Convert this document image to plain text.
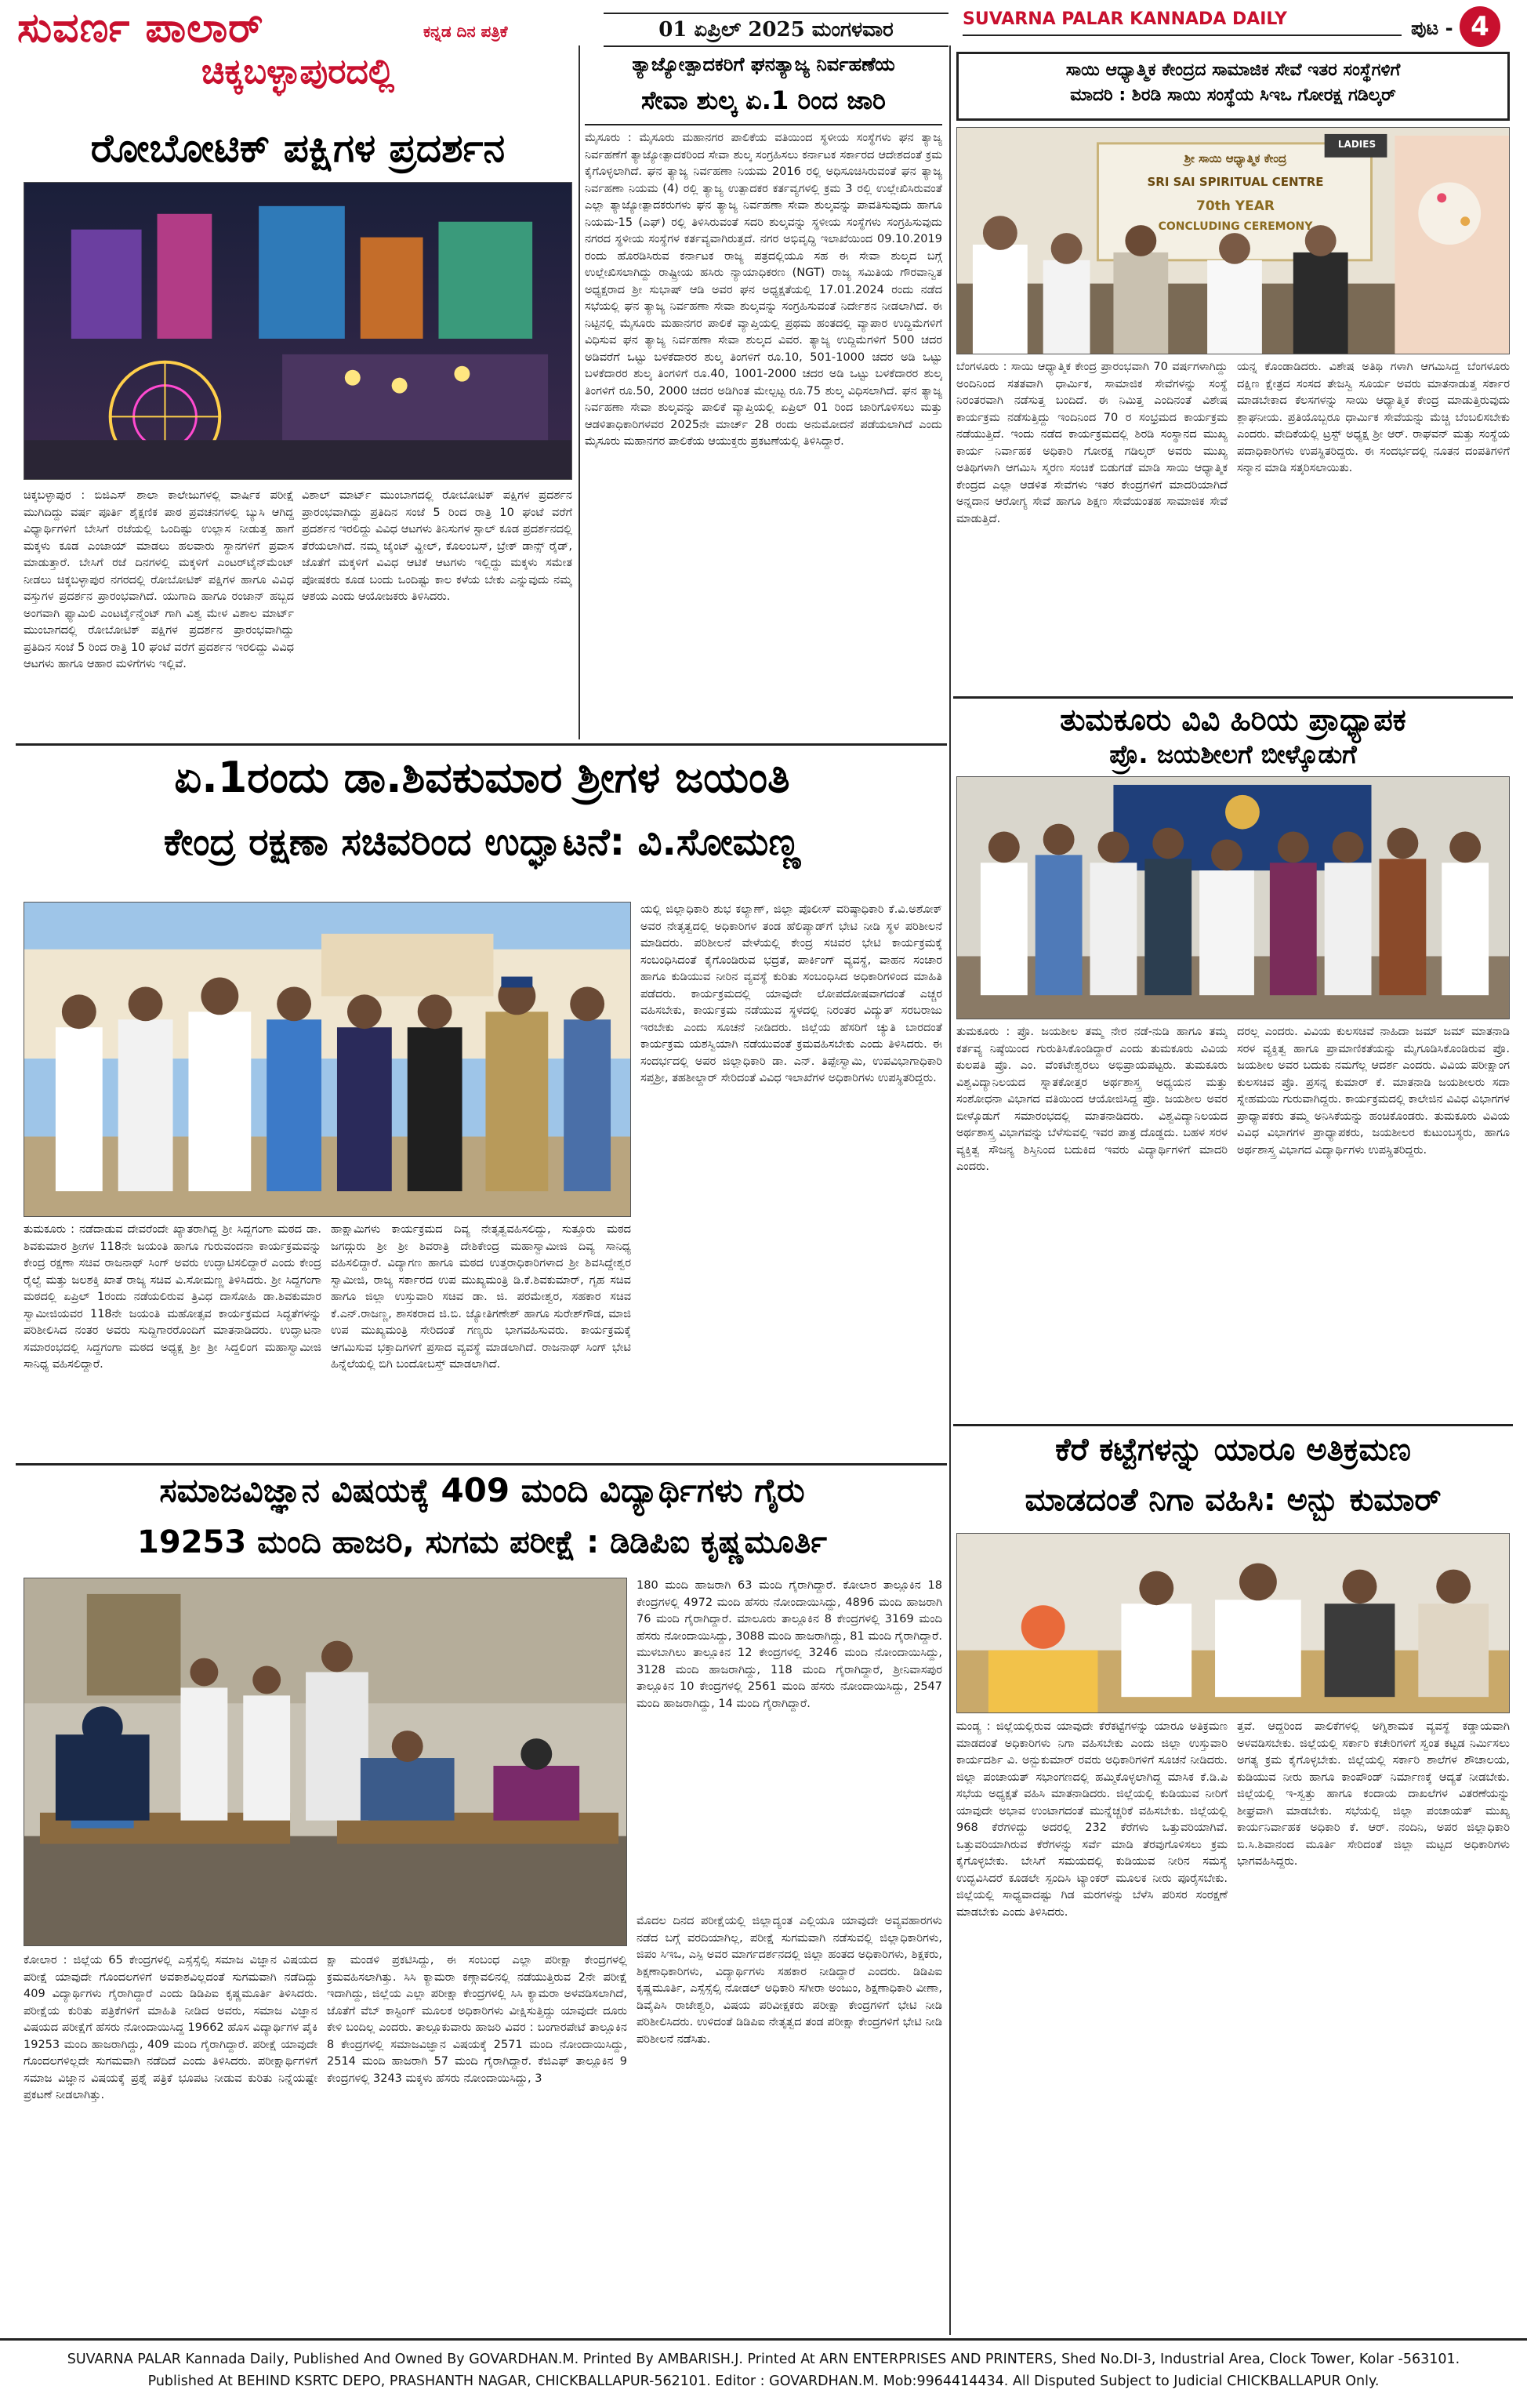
ಸುವರ್ಣ ಪಾಲಾರ್	ಕನ್ನಡ ದಿನ ಪತ್ರಿಕೆ	01 ಏಪ್ರಿಲ್ 2025 ಮಂಗಳವಾರ	SUVARNA PALAR KANNADA DAILY	ಪುಟ - 4
ಚಿಕ್ಕಬಳ್ಳಾಪುರದಲ್ಲಿ
ರೋಬೋಟಿಕ್ ಪಕ್ಷಿಗಳ ಪ್ರದರ್ಶನ
ಚಿಕ್ಕಬಳ್ಳಾಪುರ : ಬಿಜಿಎಸ್ ಶಾಲಾ ಕಾಲೇಜುಗಳಲ್ಲಿ ವಾರ್ಷಿಕ ಪರೀಕ್ಷೆ ಮುಗಿದಿದ್ದು ವರ್ಷ ಪೂರ್ತಿ ಶೈಕ್ಷಣಿಕ ಪಾಠ ಪ್ರವಚನಗಳಲ್ಲಿ ಬ್ಯುಸಿ ಆಗಿದ್ದ ವಿಧ್ಯಾರ್ಥಿಗಳಿಗೆ ಬೇಸಿಗೆ ರಜೆಯಲ್ಲಿ ಒಂದಿಷ್ಟು ಉಲ್ಲಾಸ ನೀಡುತ್ತ ಹಾಗೆ ಮಕ್ಕಳು ಕೂಡ ಎಂಜಾಯ್ ಮಾಡಲು ಹಲವಾರು ಸ್ಥಾನಗಳಿಗೆ ಪ್ರವಾಸ ಮಾಡುತ್ತಾರೆ. ಬೇಸಿಗೆ ರಜೆ ದಿನಗಳಲ್ಲಿ ಮಕ್ಕಳಿಗೆ ಎಂಟರ್‌ಟೈನ್‌ಮೆಂಟ್ ನೀಡಲು ಚಿಕ್ಕಬಳ್ಳಾಪುರ ನಗರದಲ್ಲಿ ರೋಬೋಟಿಕ್ ಪಕ್ಷಿಗಳ ಹಾಗೂ ವಿವಿಧ ವಸ್ತುಗಳ ಪ್ರದರ್ಶನ ಪ್ರಾರಂಭವಾಗಿದೆ. ಯುಗಾದಿ ಹಾಗೂ ರಂಜಾನ್ ಹಬ್ಬದ ಅಂಗವಾಗಿ ಫ್ಯಾಮಿಲಿ ಎಂಟರ್ಟೈನ್ಮೆಂಟ್ ಗಾಗಿ ವಿಶ್ವ ಮೇಳ ವಿಶಾಲ ಮಾರ್ಟ್ ಮುಂಬಾಗದಲ್ಲಿ ರೋಬೋಟಿಕ್ ಪಕ್ಷಿಗಳ ಪ್ರದರ್ಶನ ಪ್ರಾರಂಭವಾಗಿದ್ದು ಪ್ರತಿದಿನ ಸಂಜೆ 5 ರಿಂದ ರಾತ್ರಿ 10 ಘಂಟೆ ವರೆಗೆ ಪ್ರದರ್ಶನ ಇರಲಿದ್ದು ವಿವಿಧ ಆಟಗಳು ಹಾಗೂ ಆಹಾರ ಮಳಿಗೆಗಳು ಇಲ್ಲಿವೆ.
ವಿಶಾಲ್ ಮಾರ್ಟ್ ಮುಂಬಾಗದಲ್ಲಿ ರೋಬೋಟಿಕ್ ಪಕ್ಷಿಗಳ ಪ್ರದರ್ಶನ ಪ್ರಾರಂಭವಾಗಿದ್ದು ಪ್ರತಿದಿನ ಸಂಜೆ 5 ರಿಂದ ರಾತ್ರಿ 10 ಘಂಟೆ ವರೆಗೆ ಪ್ರದರ್ಶನ ಇರಲಿದ್ದು ವಿವಿಧ ಆಟಗಳು ತಿನಿಸುಗಳ ಸ್ಟಾಲ್ ಕೂಡ ಪ್ರದರ್ಶನದಲ್ಲಿ ತೆರೆಯಲಾಗಿದೆ. ನಮ್ಮ ಜೈಂಟ್ ವ್ಹೀಲ್, ಕೊಲಂಬಸ್, ಬ್ರೇಕ್ ಡಾನ್ಸ್ ರೈಡ್, ಜೊತೆಗೆ ಮಕ್ಕಳಿಗೆ ವಿವಿಧ ಆಟಿಕೆ ಆಟಗಳು ಇಲ್ಲಿದ್ದು ಮಕ್ಕಳು ಸಮೇತ ಪೋಷಕರು ಕೂಡ ಬಂದು ಒಂದಿಷ್ಟು ಕಾಲ ಕಳೆಯ ಬೇಕು ಎನ್ನುವುದು ನಮ್ಮ ಆಶಯ ಎಂದು ಆಯೋಜಕರು ತಿಳಿಸಿದರು.
ತ್ಯಾಜ್ಯೋತ್ಪಾದಕರಿಗೆ ಘನತ್ಯಾಜ್ಯ ನಿರ್ವಹಣೆಯ
ಸೇವಾ ಶುಲ್ಕ ಏ.1 ರಿಂದ ಜಾರಿ
ಮೈಸೂರು : ಮೈಸೂರು ಮಹಾನಗರ ಪಾಲಿಕೆಯ ವತಿಯಿಂದ ಸ್ಥಳೀಯ ಸಂಸ್ಥೆಗಳು ಘನ ತ್ಯಾಜ್ಯ ನಿರ್ವಹಣೆಗೆ ತ್ಯಾಜ್ಯೋತ್ಪಾದಕರಿಂದ ಸೇವಾ ಶುಲ್ಕ ಸಂಗ್ರಹಿಸಲು ಕರ್ನಾಟಕ ಸರ್ಕಾರದ ಆದೇಶದಂತೆ ಕ್ರಮ ಕೈಗೊಳ್ಳಲಾಗಿದೆ. ಘನ ತ್ಯಾಜ್ಯ ನಿರ್ವಹಣಾ ನಿಯಮ 2016 ರಲ್ಲಿ ಅಧಿಸೂಚಿಸಿರುವಂತೆ ಘನ ತ್ಯಾಜ್ಯ ನಿರ್ವಹಣಾ ನಿಯಮ (4) ರಲ್ಲಿ ತ್ಯಾಜ್ಯ ಉತ್ಪಾದಕರ ಕರ್ತವ್ಯಗಳಲ್ಲಿ ಕ್ರಮ 3 ರಲ್ಲಿ ಉಲ್ಲೇಖಿಸಿರುವಂತೆ ಎಲ್ಲಾ ತ್ಯಾಜ್ಯೋತ್ಪಾದಕರುಗಳು ಘನ ತ್ಯಾಜ್ಯ ನಿರ್ವಹಣಾ ಸೇವಾ ಶುಲ್ಕವನ್ನು ಪಾವತಿಸುವುದು ಹಾಗೂ ನಿಯಮ-15 (ಎಫ್) ರಲ್ಲಿ ತಿಳಿಸಿರುವಂತೆ ಸದರಿ ಶುಲ್ಕವನ್ನು ಸ್ಥಳೀಯ ಸಂಸ್ಥೆಗಳು ಸಂಗ್ರಹಿಸುವುದು ನಗರದ ಸ್ಥಳೀಯ ಸಂಸ್ಥೆಗಳ ಕರ್ತವ್ಯವಾಗಿರುತ್ತದೆ. ನಗರ ಅಭಿವೃದ್ಧಿ ಇಲಾಖೆಯಿಂದ 09.10.2019 ರಂದು ಹೊರಡಿಸಿರುವ ಕರ್ನಾಟಕ ರಾಜ್ಯ ಪತ್ರದಲ್ಲಿಯೂ ಸಹ ಈ ಸೇವಾ ಶುಲ್ಕದ ಬಗ್ಗೆ ಉಲ್ಲೇಖಿಸಲಾಗಿದ್ದು ರಾಷ್ಟ್ರೀಯ ಹಸಿರು ನ್ಯಾಯಾಧಿಕರಣ (NGT) ರಾಜ್ಯ ಸಮಿತಿಯ ಗೌರವಾನ್ವಿತ ಅಧ್ಯಕ್ಷರಾದ ಶ್ರೀ ಸುಭಾಷ್ ಆಡಿ ಅವರ ಘನ ಅಧ್ಯಕ್ಷತೆಯಲ್ಲಿ 17.01.2024 ರಂದು ನಡೆದ ಸಭೆಯಲ್ಲಿ ಘನ ತ್ಯಾಜ್ಯ ನಿರ್ವಹಣಾ ಸೇವಾ ಶುಲ್ಕವನ್ನು ಸಂಗ್ರಹಿಸುವಂತೆ ನಿರ್ದೇಶನ ನೀಡಲಾಗಿದೆ. ಈ ನಿಟ್ಟಿನಲ್ಲಿ ಮೈಸೂರು ಮಹಾನಗರ ಪಾಲಿಕೆ ವ್ಯಾಪ್ತಿಯಲ್ಲಿ ಪ್ರಥಮ ಹಂತದಲ್ಲಿ ವ್ಯಾಪಾರ ಉದ್ದಿಮೆಗಳಿಗೆ ವಿಧಿಸುವ ಘನ ತ್ಯಾಜ್ಯ ನಿರ್ವಹಣಾ ಸೇವಾ ಶುಲ್ಕದ ವಿವರ. ತ್ಯಾಜ್ಯ ಉದ್ದಿಮೆಗಳಿಗೆ 500 ಚದರ ಅಡಿವರೆಗೆ ಒಟ್ಟು ಬಳಕೆದಾರರ ಶುಲ್ಕ ತಿಂಗಳಿಗೆ ರೂ.10, 501-1000 ಚದರ ಅಡಿ ಒಟ್ಟು ಬಳಕೆದಾರರ ಶುಲ್ಕ ತಿಂಗಳಿಗೆ ರೂ.40, 1001-2000 ಚದರ ಅಡಿ ಒಟ್ಟು ಬಳಕೆದಾರರ ಶುಲ್ಕ ತಿಂಗಳಿಗೆ ರೂ.50, 2000 ಚದರ ಅಡಿಗಿಂತ ಮೇಲ್ಪಟ್ಟ ರೂ.75 ಶುಲ್ಕ ವಿಧಿಸಲಾಗಿದೆ. ಘನ ತ್ಯಾಜ್ಯ ನಿರ್ವಹಣಾ ಸೇವಾ ಶುಲ್ಕವನ್ನು ಪಾಲಿಕೆ ವ್ಯಾಪ್ತಿಯಲ್ಲಿ ಏಪ್ರಿಲ್ 01 ರಿಂದ ಜಾರಿಗೊಳಿಸಲು ಮತ್ತು ಆಡಳಿತಾಧಿಕಾರಿಗಳವರ 2025ನೇ ಮಾರ್ಚ್ 28 ರಂದು ಅನುಮೋದನೆ ಪಡೆಯಲಾಗಿದೆ ಎಂದು ಮೈಸೂರು ಮಹಾನಗರ ಪಾಲಿಕೆಯ ಆಯುಕ್ತರು ಪ್ರಕಟಣೆಯಲ್ಲಿ ತಿಳಿಸಿದ್ದಾರೆ.
ಸಾಯಿ ಆಧ್ಯಾತ್ಮಿಕ ಕೇಂದ್ರದ ಸಾಮಾಜಿಕ ಸೇವೆ ಇತರ ಸಂಸ್ಥೆಗಳಿಗೆ
ಮಾದರಿ : ಶಿರಡಿ ಸಾಯಿ ಸಂಸ್ಥೆಯ ಸಿಇಒ ಗೋರಕ್ಷ ಗಡಿಲ್ಕರ್
ಶ್ರೀ ಸಾಯಿ ಆಧ್ಯಾತ್ಮಿಕ ಕೇಂದ್ರ
SRI SAI SPIRITUAL CENTRE
70th YEAR
CONCLUDING CEREMONY
LADIES
ಬೆಂಗಳೂರು : ಸಾಯಿ ಆಧ್ಯಾತ್ಮಿಕ ಕೇಂದ್ರ ಪ್ರಾರಂಭವಾಗಿ 70 ವರ್ಷಗಳಾಗಿದ್ದು ಅಂದಿನಿಂದ ಸತತವಾಗಿ ಧಾರ್ಮಿಕ, ಸಾಮಾಜಿಕ ಸೇವೆಗಳನ್ನು ಸಂಸ್ಥೆ ನಿರಂತರವಾಗಿ ನಡೆಸುತ್ತ ಬಂದಿದೆ. ಈ ನಿಮಿತ್ತ ಎಂದಿನಂತೆ ವಿಶೇಷ ಕಾರ್ಯಕ್ರಮ ನಡೆಸುತ್ತಿದ್ದು ಇಂದಿನಿಂದ 70 ರ ಸಂಭ್ರಮದ ಕಾರ್ಯಕ್ರಮ ನಡೆಯುತ್ತಿದೆ. ಇಂದು ನಡೆದ ಕಾರ್ಯಕ್ರಮದಲ್ಲಿ ಶಿರಡಿ ಸಂಸ್ಥಾನದ ಮುಖ್ಯ ಕಾರ್ಯ ನಿರ್ವಾಹಕ ಅಧಿಕಾರಿ ಗೋರಕ್ಷ ಗಡಿಲ್ಕರ್ ಅವರು ಮುಖ್ಯ ಅತಿಥಿಗಳಾಗಿ ಆಗಮಿಸಿ ಸ್ಮರಣ ಸಂಚಿಕೆ ಬಿಡುಗಡೆ ಮಾಡಿ ಸಾಯಿ ಆಧ್ಯಾತ್ಮಿಕ ಕೇಂದ್ರದ ಎಲ್ಲಾ ಆಡಳಿತ ಸೇವೆಗಳು ಇತರ ಕೇಂದ್ರಗಳಿಗೆ ಮಾದರಿಯಾಗಿದೆ ಅನ್ನದಾನ ಆರೋಗ್ಯ ಸೇವೆ ಹಾಗೂ ಶಿಕ್ಷಣ ಸೇವೆಯಂತಹ ಸಾಮಾಜಿಕ ಸೇವೆ ಮಾಡುತ್ತಿದೆ.
ಯನ್ನ ಕೊಂಡಾಡಿದರು. ವಿಶೇಷ ಅತಿಥಿ ಗಳಾಗಿ ಆಗಮಿಸಿದ್ದ ಬೆಂಗಳೂರು ದಕ್ಷಿಣ ಕ್ಷೇತ್ರದ ಸಂಸದ ತೇಜಸ್ವಿ ಸೂರ್ಯ ಅವರು ಮಾತನಾಡುತ್ತ ಸರ್ಕಾರ ಮಾಡಬೇಕಾದ ಕೆಲಸಗಳನ್ನು ಸಾಯಿ ಆಧ್ಯಾತ್ಮಿಕ ಕೇಂದ್ರ ಮಾಡುತ್ತಿರುವುದು ಶ್ಲಾಘನೀಯ. ಪ್ರತಿಯೊಬ್ಬರೂ ಧಾರ್ಮಿಕ ಸೇವೆಯನ್ನು ಮೆಚ್ಚಿ ಬೆಂಬಲಿಸಬೇಕು ಎಂದರು. ವೇದಿಕೆಯಲ್ಲಿ ಟ್ರಸ್ಟ್ ಅಧ್ಯಕ್ಷ ಶ್ರೀ ಆರ್. ರಾಘವನ್ ಮತ್ತು ಸಂಸ್ಥೆಯ ಪದಾಧಿಕಾರಿಗಳು ಉಪಸ್ಥಿತರಿದ್ದರು. ಈ ಸಂದರ್ಭದಲ್ಲಿ ನೂತನ ದಂಪತಿಗಳಿಗೆ ಸನ್ಮಾನ ಮಾಡಿ ಸತ್ಕರಿಸಲಾಯಿತು.
ತುಮಕೂರು ವಿವಿ ಹಿರಿಯ ಪ್ರಾಧ್ಯಾಪಕ
ಪ್ರೊ. ಜಯಶೀಲಗೆ ಬೀಳ್ಕೊಡುಗೆ
ತುಮಕೂರು : ಪ್ರೊ. ಜಯಶೀಲ ತಮ್ಮ ನೇರ ನಡೆ-ನುಡಿ ಹಾಗೂ ತಮ್ಮ ಕರ್ತವ್ಯ ನಿಷ್ಠೆಯಿಂದ ಗುರುತಿಸಿಕೊಂಡಿದ್ದಾರೆ ಎಂದು ತುಮಕೂರು ವಿವಿಯ ಕುಲಪತಿ ಪ್ರೊ. ಎಂ. ವೆಂಕಟೇಶ್ವರಲು ಅಭಿಪ್ರಾಯಪಟ್ಟರು. ತುಮಕೂರು ವಿಶ್ವವಿದ್ಯಾನಿಲಯದ ಸ್ನಾತಕೋತ್ತರ ಅರ್ಥಶಾಸ್ತ್ರ ಅಧ್ಯಯನ ಮತ್ತು ಸಂಶೋಧನಾ ವಿಭಾಗದ ವತಿಯಿಂದ ಆಯೋಜಿಸಿದ್ದ ಪ್ರೊ. ಜಯಶೀಲ ಅವರ ಬೀಳ್ಕೊಡುಗೆ ಸಮಾರಂಭದಲ್ಲಿ ಮಾತನಾಡಿದರು. ವಿಶ್ವವಿದ್ಯಾನಿಲಯದ ಅರ್ಥಶಾಸ್ತ್ರ ವಿಭಾಗವನ್ನು ಬೆಳೆಸುವಲ್ಲಿ ಇವರ ಪಾತ್ರ ದೊಡ್ಡದು. ಬಹಳ ಸರಳ ವ್ಯಕ್ತಿತ್ವ ಸೌಜನ್ಯ ಶಿಸ್ತಿನಿಂದ ಬದುಕಿದ ಇವರು ವಿದ್ಯಾರ್ಥಿಗಳಿಗೆ ಮಾದರಿ ಎಂದರು.
ದರಲ್ಲ ಎಂದರು. ವಿವಿಯ ಕುಲಸಚಿವೆ ನಾಹಿದಾ ಜಮ್ ಜಮ್ ಮಾತನಾಡಿ ಸರಳ ವ್ಯಕ್ತಿತ್ವ ಹಾಗೂ ಪ್ರಾಮಾಣಿಕತೆಯನ್ನು ಮೈಗೂಡಿಸಿಕೊಂಡಿರುವ ಪ್ರೊ. ಜಯಶೀಲ ಅವರ ಬದುಕು ನಮಗೆಲ್ಲ ಆದರ್ಶ ಎಂದರು. ವಿವಿಯ ಪರೀಕ್ಷಾಂಗ ಕುಲಸಚಿವ ಪ್ರೊ. ಪ್ರಸನ್ನ ಕುಮಾರ್ ಕೆ. ಮಾತನಾಡಿ ಜಯಶೀಲರು ಸದಾ ಸ್ನೇಹಮಯಿ ಗುರುವಾಗಿದ್ದರು. ಕಾರ್ಯಕ್ರಮದಲ್ಲಿ ಕಾಲೇಜಿನ ವಿವಿಧ ವಿಭಾಗಗಳ ಪ್ರಾಧ್ಯಾಪಕರು ತಮ್ಮ ಅನಿಸಿಕೆಯನ್ನು ಹಂಚಿಕೊಂಡರು. ತುಮಕೂರು ವಿವಿಯ ವಿವಿಧ ವಿಭಾಗಗಳ ಪ್ರಾಧ್ಯಾಪಕರು, ಜಯಶೀಲರ ಕುಟುಂಬಸ್ಥರು, ಹಾಗೂ ಅರ್ಥಶಾಸ್ತ್ರ ವಿಭಾಗದ ವಿದ್ಯಾರ್ಥಿಗಳು ಉಪಸ್ಥಿತರಿದ್ದರು.
ಕೆರೆ ಕಟ್ಟೆಗಳನ್ನು ಯಾರೂ ಅತಿಕ್ರಮಣ
ಮಾಡದಂತೆ ನಿಗಾ ವಹಿಸಿ: ಅನ್ಬು ಕುಮಾರ್
ಮಂಡ್ಯ : ಜಿಲ್ಲೆಯಲ್ಲಿರುವ ಯಾವುದೇ ಕೆರೆಕಟ್ಟೆಗಳನ್ನು ಯಾರೂ ಅತಿಕ್ರಮಣ ಮಾಡದಂತೆ ಅಧಿಕಾರಿಗಳು ನಿಗಾ ವಹಿಸಬೇಕು ಎಂದು ಜಿಲ್ಲಾ ಉಸ್ತುವಾರಿ ಕಾರ್ಯದರ್ಶಿ ವಿ. ಅನ್ಬುಕುಮಾರ್ ರವರು ಅಧಿಕಾರಿಗಳಿಗೆ ಸೂಚನೆ ನೀಡಿದರು. ಜಿಲ್ಲಾ ಪಂಚಾಯತ್ ಸಭಾಂಗಣದಲ್ಲಿ ಹಮ್ಮಿಕೊಳ್ಳಲಾಗಿದ್ದ ಮಾಸಿಕ ಕೆ.ಡಿ.ಪಿ ಸಭೆಯ ಅಧ್ಯಕ್ಷತೆ ವಹಿಸಿ ಮಾತನಾಡಿದರು. ಜಿಲ್ಲೆಯಲ್ಲಿ ಕುಡಿಯುವ ನೀರಿಗೆ ಯಾವುದೇ ಅಭಾವ ಉಂಟಾಗದಂತೆ ಮುನ್ನೆಚ್ಚರಿಕೆ ವಹಿಸಬೇಕು. ಜಿಲ್ಲೆಯಲ್ಲಿ 968 ಕೆರೆಗಳಿದ್ದು ಅದರಲ್ಲಿ 232 ಕೆರೆಗಳು ಒತ್ತುವರಿಯಾಗಿವೆ. ಒತ್ತುವರಿಯಾಗಿರುವ ಕೆರೆಗಳನ್ನು ಸರ್ವೆ ಮಾಡಿ ತೆರವುಗೊಳಿಸಲು ಕ್ರಮ ಕೈಗೊಳ್ಳಬೇಕು. ಬೇಸಿಗೆ ಸಮಯದಲ್ಲಿ ಕುಡಿಯುವ ನೀರಿನ ಸಮಸ್ಯೆ ಉದ್ಭವಿಸಿದರೆ ಕೂಡಲೇ ಸ್ಪಂದಿಸಿ ಟ್ಯಾಂಕರ್ ಮೂಲಕ ನೀರು ಪೂರೈಸಬೇಕು. ಜಿಲ್ಲೆಯಲ್ಲಿ ಸಾಧ್ಯವಾದಷ್ಟು ಗಿಡ ಮರಗಳನ್ನು ಬೆಳೆಸಿ ಪರಿಸರ ಸಂರಕ್ಷಣೆ ಮಾಡಬೇಕು ಎಂದು ತಿಳಿಸಿದರು.
ತ್ತವೆ. ಆದ್ದರಿಂದ ಪಾಲಿಕೆಗಳಲ್ಲಿ ಅಗ್ನಿಶಾಮಕ ವ್ಯವಸ್ಥೆ ಕಡ್ಡಾಯವಾಗಿ ಅಳವಡಿಸಬೇಕು. ಜಿಲ್ಲೆಯಲ್ಲಿ ಸರ್ಕಾರಿ ಕಚೇರಿಗಳಿಗೆ ಸ್ವಂತ ಕಟ್ಟಡ ನಿರ್ಮಿಸಲು ಅಗತ್ಯ ಕ್ರಮ ಕೈಗೊಳ್ಳಬೇಕು. ಜಿಲ್ಲೆಯಲ್ಲಿ ಸರ್ಕಾರಿ ಶಾಲೆಗಳ ಶೌಚಾಲಯ, ಕುಡಿಯುವ ನೀರು ಹಾಗೂ ಕಾಂಪೌಂಡ್ ನಿರ್ಮಾಣಕ್ಕೆ ಆದ್ಯತೆ ನೀಡಬೇಕು. ಜಿಲ್ಲೆಯಲ್ಲಿ ಇ-ಸ್ವತ್ತು ಹಾಗೂ ಕಂದಾಯ ದಾಖಲೆಗಳ ವಿತರಣೆಯನ್ನು ಶೀಘ್ರವಾಗಿ ಮಾಡಬೇಕು. ಸಭೆಯಲ್ಲಿ ಜಿಲ್ಲಾ ಪಂಚಾಯತ್ ಮುಖ್ಯ ಕಾರ್ಯನಿರ್ವಾಹಕ ಅಧಿಕಾರಿ ಕೆ. ಆರ್. ನಂದಿನಿ, ಅಪರ ಜಿಲ್ಲಾಧಿಕಾರಿ ಬಿ.ಸಿ.ಶಿವಾನಂದ ಮೂರ್ತಿ ಸೇರಿದಂತೆ ಜಿಲ್ಲಾ ಮಟ್ಟದ ಅಧಿಕಾರಿಗಳು ಭಾಗವಹಿಸಿದ್ದರು.
ಏ.1ರಂದು ಡಾ.ಶಿವಕುಮಾರ ಶ್ರೀಗಳ ಜಯಂತಿ
ಕೇಂದ್ರ ರಕ್ಷಣಾ ಸಚಿವರಿಂದ ಉದ್ಘಾಟನೆ: ವಿ.ಸೋಮಣ್ಣ
ತುಮಕೂರು : ನಡೆದಾಡುವ ದೇವರೆಂದೇ ಖ್ಯಾತರಾಗಿದ್ದ ಶ್ರೀ ಸಿದ್ದಗಂಗಾ ಮಠದ ಡಾ. ಶಿವಕುಮಾರ ಶ್ರೀಗಳ 118ನೇ ಜಯಂತಿ ಹಾಗೂ ಗುರುವಂದನಾ ಕಾರ್ಯಕ್ರಮವನ್ನು ಕೇಂದ್ರ ರಕ್ಷಣಾ ಸಚಿವ ರಾಜನಾಥ್ ಸಿಂಗ್ ಅವರು ಉದ್ಘಾಟಿಸಲಿದ್ದಾರೆ ಎಂದು ಕೇಂದ್ರ ರೈಲ್ವೆ ಮತ್ತು ಜಲಶಕ್ತಿ ಖಾತೆ ರಾಜ್ಯ ಸಚಿವ ವಿ.ಸೋಮಣ್ಣ ತಿಳಿಸಿದರು. ಶ್ರೀ ಸಿದ್ದಗಂಗಾ ಮಠದಲ್ಲಿ ಏಪ್ರಿಲ್ 1ರಂದು ನಡೆಯಲಿರುವ ತ್ರಿವಿಧ ದಾಸೋಹಿ ಡಾ.ಶಿವಕುಮಾರ ಸ್ವಾಮೀಜಿಯವರ 118ನೇ ಜಯಂತಿ ಮಹೋತ್ಸವ ಕಾರ್ಯಕ್ರಮದ ಸಿದ್ಧತೆಗಳನ್ನು ಪರಿಶೀಲಿಸಿದ ನಂತರ ಅವರು ಸುದ್ದಿಗಾರರೊಂದಿಗೆ ಮಾತನಾಡಿದರು. ಉದ್ಘಾಟನಾ ಸಮಾರಂಭದಲ್ಲಿ ಸಿದ್ದಗಂಗಾ ಮಠದ ಅಧ್ಯಕ್ಷ ಶ್ರೀ ಶ್ರೀ ಸಿದ್ದಲಿಂಗ ಮಹಾಸ್ವಾಮೀಜಿ ಸಾನಿಧ್ಯ ವಹಿಸಲಿದ್ದಾರೆ.
ಹಾಕ್ಷಾಮಿಗಳು ಕಾರ್ಯಕ್ರಮದ ದಿವ್ಯ ನೇತೃತ್ವವಹಿಸಲಿದ್ದು, ಸುತ್ತೂರು ಮಠದ ಜಗದ್ಗುರು ಶ್ರೀ ಶ್ರೀ ಶಿವರಾತ್ರಿ ದೇಶಿಕೇಂದ್ರ ಮಹಾಸ್ವಾಮೀಜಿ ದಿವ್ಯ ಸಾನಿಧ್ಯ ವಹಿಸಲಿದ್ದಾರೆ. ವಿದ್ಯಾಗಣ ಹಾಗೂ ಮಠದ ಉತ್ತರಾಧಿಕಾರಿಗಳಾದ ಶ್ರೀ ಶಿವಸಿದ್ದೇಶ್ವರ ಸ್ವಾಮೀಜಿ, ರಾಜ್ಯ ಸರ್ಕಾರದ ಉಪ ಮುಖ್ಯಮಂತ್ರಿ ಡಿ.ಕೆ.ಶಿವಕುಮಾರ್, ಗೃಹ ಸಚಿವ ಹಾಗೂ ಜಿಲ್ಲಾ ಉಸ್ತುವಾರಿ ಸಚಿವ ಡಾ. ಜಿ. ಪರಮೇಶ್ವರ, ಸಹಕಾರ ಸಚಿವ ಕೆ.ಎನ್.ರಾಜಣ್ಣ, ಶಾಸಕರಾದ ಜಿ.ಬಿ. ಜ್ಯೋತಿಗಣೇಶ್ ಹಾಗೂ ಸುರೇಶ್‌ಗೌಡ, ಮಾಜಿ ಉಪ ಮುಖ್ಯಮಂತ್ರಿ ಸೇರಿದಂತೆ ಗಣ್ಯರು ಭಾಗವಹಿಸುವರು. ಕಾರ್ಯಕ್ರಮಕ್ಕೆ ಆಗಮಿಸುವ ಭಕ್ತಾದಿಗಳಿಗೆ ಪ್ರಸಾದ ವ್ಯವಸ್ಥೆ ಮಾಡಲಾಗಿದೆ. ರಾಜನಾಥ್ ಸಿಂಗ್ ಭೇಟಿ ಹಿನ್ನೆಲೆಯಲ್ಲಿ ಬಿಗಿ ಬಂದೋಬಸ್ತ್ ಮಾಡಲಾಗಿದೆ.
ಯಲ್ಲಿ ಜಿಲ್ಲಾಧಿಕಾರಿ ಶುಭ ಕಲ್ಯಾಣ್, ಜಿಲ್ಲಾ ಪೊಲೀಸ್ ವರಿಷ್ಠಾಧಿಕಾರಿ ಕೆ.ವಿ.ಅಶೋಕ್ ಅವರ ನೇತೃತ್ವದಲ್ಲಿ ಅಧಿಕಾರಿಗಳ ತಂಡ ಹೆಲಿಪ್ಯಾಡ್‌ಗೆ ಭೇಟಿ ನೀಡಿ ಸ್ಥಳ ಪರಿಶೀಲನೆ ಮಾಡಿದರು. ಪರಿಶೀಲನೆ ವೇಳೆಯಲ್ಲಿ ಕೇಂದ್ರ ಸಚಿವರ ಭೇಟಿ ಕಾರ್ಯಕ್ರಮಕ್ಕೆ ಸಂಬಂಧಿಸಿದಂತೆ ಕೈಗೊಂಡಿರುವ ಭದ್ರತೆ, ಪಾರ್ಕಿಂಗ್ ವ್ಯವಸ್ಥೆ, ವಾಹನ ಸಂಚಾರ ಹಾಗೂ ಕುಡಿಯುವ ನೀರಿನ ವ್ಯವಸ್ಥೆ ಕುರಿತು ಸಂಬಂಧಿಸಿದ ಅಧಿಕಾರಿಗಳಿಂದ ಮಾಹಿತಿ ಪಡೆದರು. ಕಾರ್ಯಕ್ರಮದಲ್ಲಿ ಯಾವುದೇ ಲೋಪದೋಷವಾಗದಂತೆ ಎಚ್ಚರ ವಹಿಸಬೇಕು, ಕಾರ್ಯಕ್ರಮ ನಡೆಯುವ ಸ್ಥಳದಲ್ಲಿ ನಿರಂತರ ವಿದ್ಯುತ್ ಸರಬರಾಜು ಇರಬೇಕು ಎಂದು ಸೂಚನೆ ನೀಡಿದರು. ಜಿಲ್ಲೆಯ ಹೆಸರಿಗೆ ಚ್ಯುತಿ ಬಾರದಂತೆ ಕಾರ್ಯಕ್ರಮ ಯಶಸ್ವಿಯಾಗಿ ನಡೆಯುವಂತೆ ಕ್ರಮವಹಿಸಬೇಕು ಎಂದು ತಿಳಿಸಿದರು. ಈ ಸಂದರ್ಭದಲ್ಲಿ ಅಪರ ಜಿಲ್ಲಾಧಿಕಾರಿ ಡಾ. ಎನ್. ತಿಪ್ಪೇಸ್ವಾಮಿ, ಉಪವಿಭಾಗಾಧಿಕಾರಿ ಸಪ್ತಶ್ರೀ, ತಹಶೀಲ್ದಾರ್ ಸೇರಿದಂತೆ ವಿವಿಧ ಇಲಾಖೆಗಳ ಅಧಿಕಾರಿಗಳು ಉಪಸ್ಥಿತರಿದ್ದರು.
ಸಮಾಜವಿಜ್ಞಾನ ವಿಷಯಕ್ಕೆ 409 ಮಂದಿ ವಿದ್ಯಾರ್ಥಿಗಳು ಗೈರು
19253 ಮಂದಿ ಹಾಜರಿ, ಸುಗಮ ಪರೀಕ್ಷೆ : ಡಿಡಿಪಿಐ ಕೃಷ್ಣಮೂರ್ತಿ
ಕೋಲಾರ : ಜಿಲ್ಲೆಯ 65 ಕೇಂದ್ರಗಳಲ್ಲಿ ಎಸ್ಸೆಸ್ಸೆಲ್ಸಿ ಸಮಾಜ ವಿಜ್ಞಾನ ವಿಷಯದ ಪರೀಕ್ಷೆ ಯಾವುದೇ ಗೊಂದಲಗಳಿಗೆ ಅವಕಾಶವಿಲ್ಲದಂತೆ ಸುಗಮವಾಗಿ ನಡೆದಿದ್ದು 409 ವಿದ್ಯಾರ್ಥಿಗಳು ಗೈರಾಗಿದ್ದಾರೆ ಎಂದು ಡಿಡಿಪಿಐ ಕೃಷ್ಣಮೂರ್ತಿ ತಿಳಿಸಿದರು. ಪರೀಕ್ಷೆಯ ಕುರಿತು ಪತ್ರಿಕೆಗಳಿಗೆ ಮಾಹಿತಿ ನೀಡಿದ ಅವರು, ಸಮಾಜ ವಿಜ್ಞಾನ ವಿಷಯದ ಪರೀಕ್ಷೆಗೆ ಹೆಸರು ನೋಂದಾಯಿಸಿದ್ದ 19662 ಹೊಸ ವಿದ್ಯಾರ್ಥಿಗಳ ಪೈಕಿ 19253 ಮಂದಿ ಹಾಜರಾಗಿದ್ದು, 409 ಮಂದಿ ಗೈರಾಗಿದ್ದಾರೆ. ಪರೀಕ್ಷೆ ಯಾವುದೇ ಗೊಂದಲಗಳಿಲ್ಲದೇ ಸುಗಮವಾಗಿ ನಡೆದಿದೆ ಎಂದು ತಿಳಿಸಿದರು. ಪರೀಕ್ಷಾರ್ಥಿಗಳಿಗೆ ಸಮಾಜ ವಿಜ್ಞಾನ ವಿಷಯಕ್ಕೆ ಪ್ರಶ್ನೆ ಪತ್ರಿಕೆ ಭೂಪಟ ನೀಡುವ ಕುರಿತು ನಿನ್ನೆಯಷ್ಟೇ ಪ್ರಕಟಣೆ ನೀಡಲಾಗಿತ್ತು.
ಕ್ಷಾ ಮಂಡಳಿ ಪ್ರಕಟಿಸಿದ್ದು, ಈ ಸಂಬಂಧ ಎಲ್ಲಾ ಪರೀಕ್ಷಾ ಕೇಂದ್ರಗಳಲ್ಲಿ ಕ್ರಮವಹಿಸಲಾಗಿತ್ತು. ಸಿಸಿ ಕ್ಯಾಮರಾ ಕಣ್ಗಾವಲಿನಲ್ಲಿ ನಡೆಯುತ್ತಿರುವ 2ನೇ ಪರೀಕ್ಷೆ ಇದಾಗಿದ್ದು, ಜಿಲ್ಲೆಯ ಎಲ್ಲಾ ಪರೀಕ್ಷಾ ಕೇಂದ್ರಗಳಲ್ಲಿ ಸಿಸಿ ಕ್ಯಾಮರಾ ಅಳವಡಿಸಲಾಗಿದೆ, ಜೊತೆಗೆ ವೆಬ್ ಕಾಸ್ಟಿಂಗ್ ಮೂಲಕ ಅಧಿಕಾರಿಗಳು ವೀಕ್ಷಿಸುತ್ತಿದ್ದು ಯಾವುದೇ ದೂರು ಕೇಳಿ ಬಂದಿಲ್ಲ ಎಂದರು. ತಾಲ್ಲೂಕುವಾರು ಹಾಜರಿ ವಿವರ : ಬಂಗಾರಪೇಟೆ ತಾಲ್ಲೂಕಿನ 8 ಕೇಂದ್ರಗಳಲ್ಲಿ ಸಮಾಜವಿಜ್ಞಾನ ವಿಷಯಕ್ಕೆ 2571 ಮಂದಿ ನೋಂದಾಯಿಸಿದ್ದು, 2514 ಮಂದಿ ಹಾಜರಾಗಿ 57 ಮಂದಿ ಗೈರಾಗಿದ್ದಾರೆ. ಕೆಜಿಎಫ್ ತಾಲ್ಲೂಕಿನ 9 ಕೇಂದ್ರಗಳಲ್ಲಿ 3243 ಮಕ್ಕಳು ಹೆಸರು ನೋಂದಾಯಿಸಿದ್ದು, 3
180 ಮಂದಿ ಹಾಜರಾಗಿ 63 ಮಂದಿ ಗೈರಾಗಿದ್ದಾರೆ. ಕೋಲಾರ ತಾಲ್ಲೂಕಿನ 18 ಕೇಂದ್ರಗಳಲ್ಲಿ 4972 ಮಂದಿ ಹೆಸರು ನೋಂದಾಯಿಸಿದ್ದು, 4896 ಮಂದಿ ಹಾಜರಾಗಿ 76 ಮಂದಿ ಗೈರಾಗಿದ್ದಾರೆ. ಮಾಲೂರು ತಾಲ್ಲೂಕಿನ 8 ಕೇಂದ್ರಗಳಲ್ಲಿ 3169 ಮಂದಿ ಹೆಸರು ನೋಂದಾಯಿಸಿದ್ದು, 3088 ಮಂದಿ ಹಾಜರಾಗಿದ್ದು, 81 ಮಂದಿ ಗೈರಾಗಿದ್ದಾರೆ. ಮುಳಬಾಗಿಲು ತಾಲ್ಲೂಕಿನ 12 ಕೇಂದ್ರಗಳಲ್ಲಿ 3246 ಮಂದಿ ನೋಂದಾಯಿಸಿದ್ದು, 3128 ಮಂದಿ ಹಾಜರಾಗಿದ್ದು, 118 ಮಂದಿ ಗೈರಾಗಿದ್ದಾರೆ, ಶ್ರೀನಿವಾಸಪುರ ತಾಲ್ಲೂಕಿನ 10 ಕೇಂದ್ರಗಳಲ್ಲಿ 2561 ಮಂದಿ ಹೆಸರು ನೋಂದಾಯಿಸಿದ್ದು, 2547 ಮಂದಿ ಹಾಜರಾಗಿದ್ದು, 14 ಮಂದಿ ಗೈರಾಗಿದ್ದಾರೆ.
ಮೊದಲ ದಿನದ ಪರೀಕ್ಷೆಯಲ್ಲಿ ಜಿಲ್ಲಾದ್ಯಂತ ಎಲ್ಲಿಯೂ ಯಾವುದೇ ಅವ್ಯವಹಾರಗಳು ನಡೆದ ಬಗ್ಗೆ ವರದಿಯಾಗಿಲ್ಲ, ಪರೀಕ್ಷೆ ಸುಗಮವಾಗಿ ನಡೆಸುವಲ್ಲಿ ಜಿಲ್ಲಾಧಿಕಾರಿಗಳು, ಜಿಪಂ ಸಿಇಒ, ಎಸ್ಪಿ ಅವರ ಮಾರ್ಗದರ್ಶನದಲ್ಲಿ ಜಿಲ್ಲಾ ಹಂತದ ಅಧಿಕಾರಿಗಳು, ಶಿಕ್ಷಕರು, ಶಿಕ್ಷಣಾಧಿಕಾರಿಗಳು, ವಿದ್ಯಾರ್ಥಿಗಳು ಸಹಕಾರ ನೀಡಿದ್ದಾರೆ ಎಂದರು. ಡಿಡಿಪಿಐ ಕೃಷ್ಣಮೂರ್ತಿ, ಎಸ್ಸೆಸ್ಸೆಲ್ಸಿ ನೋಡಲ್ ಅಧಿಕಾರಿ ಸಗೀರಾ ಅಂಜುಂ, ಶಿಕ್ಷಣಾಧಿಕಾರಿ ವೀಣಾ, ಡಿವೈಪಿಸಿ ರಾಜೇಶ್ವರಿ, ವಿಷಯ ಪರಿವೀಕ್ಷಕರು ಪರೀಕ್ಷಾ ಕೇಂದ್ರಗಳಿಗೆ ಭೇಟಿ ನೀಡಿ ಪರಿಶೀಲಿಸಿದರು. ಉಳಿದಂತೆ ಡಿಡಿಪಿಐ ನೇತೃತ್ವದ ತಂಡ ಪರೀಕ್ಷಾ ಕೇಂದ್ರಗಳಿಗೆ ಭೇಟಿ ನೀಡಿ ಪರಿಶೀಲನೆ ನಡೆಸಿತು.
SUVARNA PALAR Kannada Daily, Published And Owned By GOVARDHAN.M. Printed By AMBARISH.J. Printed At ARN ENTERPRISES AND PRINTERS, Shed No.DI-3, Industrial Area, Clock Tower, Kolar -563101.
Published At BEHIND KSRTC DEPO, PRASHANTH NAGAR, CHICKBALLAPUR-562101. Editor : GOVARDHAN.M. Mob:9964414434. All Disputed Subject to Judicial CHICKBALLAPUR Only.
